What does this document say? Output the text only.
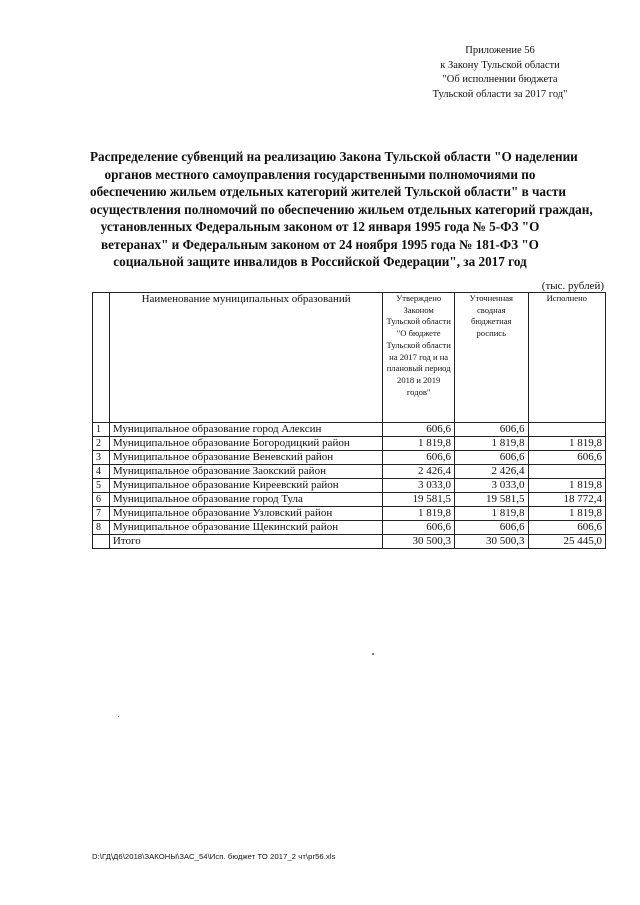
Приложение 56
к Закону Тульской области
"Об исполнении бюджета
Тульской области за 2017 год"
Распределение субвенций на реализацию Закона Тульской области "О наделении
органов местного самоуправления государственными полномочиями по
обеспечению жильем отдельных категорий жителей Тульской области" в части
осуществления полномочий по обеспечению жильем отдельных категорий граждан,
установленных Федеральным законом от 12 января 1995 года № 5-ФЗ "О
ветеранах" и Федеральным законом от 24 ноября 1995 года № 181-ФЗ "О
социальной защите инвалидов в Российской Федерации", за 2017 год
(тыс. рублей)
	Наименование муниципальных образований	Утверждено Законом Тульской области "О бюджете Тульской области на 2017 год и на плановый период 2018 и 2019 годов"	Уточненная сводная бюджетная роспись	Исполнено
1	Муниципальное образование город Алексин	606,6	606,6	
2	Муниципальное образование Богородицкий район	1 819,8	1 819,8	1 819,8
3	Муниципальное образование Веневский район	606,6	606,6	606,6
4	Муниципальное образование Заокский район	2 426,4	2 426,4	
5	Муниципальное образование Киреевский район	3 033,0	3 033,0	1 819,8
6	Муниципальное образование город Тула	19 581,5	19 581,5	18 772,4
7	Муниципальное образование Узловский район	1 819,8	1 819,8	1 819,8
8	Муниципальное образование Щекинский район	606,6	606,6	606,6
	Итого	30 500,3	30 500,3	25 445,0
D:\ГД\Д6\2018\ЗАКОНЫ\ЗАС_54\Исп. бюджет ТО 2017_2 чт\pr56.xls
